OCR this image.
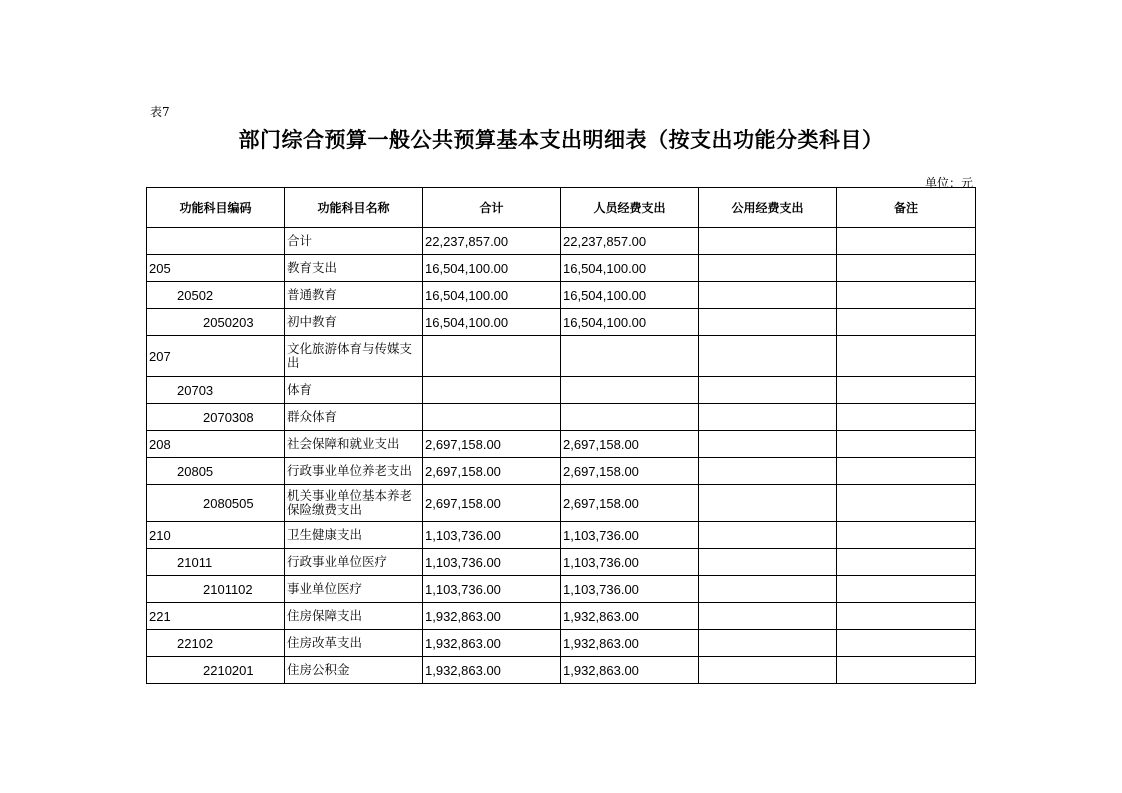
表7
部门综合预算一般公共预算基本支出明细表（按支出功能分类科目）
单位：元
功能科目编码	功能科目名称	合计	人员经费支出	公用经费支出	备注
	合计	22,237,857.00	22,237,857.00		
205	教育支出	16,504,100.00	16,504,100.00		
20502	普通教育	16,504,100.00	16,504,100.00		
2050203	初中教育	16,504,100.00	16,504,100.00		
207	文化旅游体育与传媒支出				
20703	体育				
2070308	群众体育				
208	社会保障和就业支出	2,697,158.00	2,697,158.00		
20805	行政事业单位养老支出	2,697,158.00	2,697,158.00		
2080505	机关事业单位基本养老保险缴费支出	2,697,158.00	2,697,158.00		
210	卫生健康支出	1,103,736.00	1,103,736.00		
21011	行政事业单位医疗	1,103,736.00	1,103,736.00		
2101102	事业单位医疗	1,103,736.00	1,103,736.00		
221	住房保障支出	1,932,863.00	1,932,863.00		
22102	住房改革支出	1,932,863.00	1,932,863.00		
2210201	住房公积金	1,932,863.00	1,932,863.00		
